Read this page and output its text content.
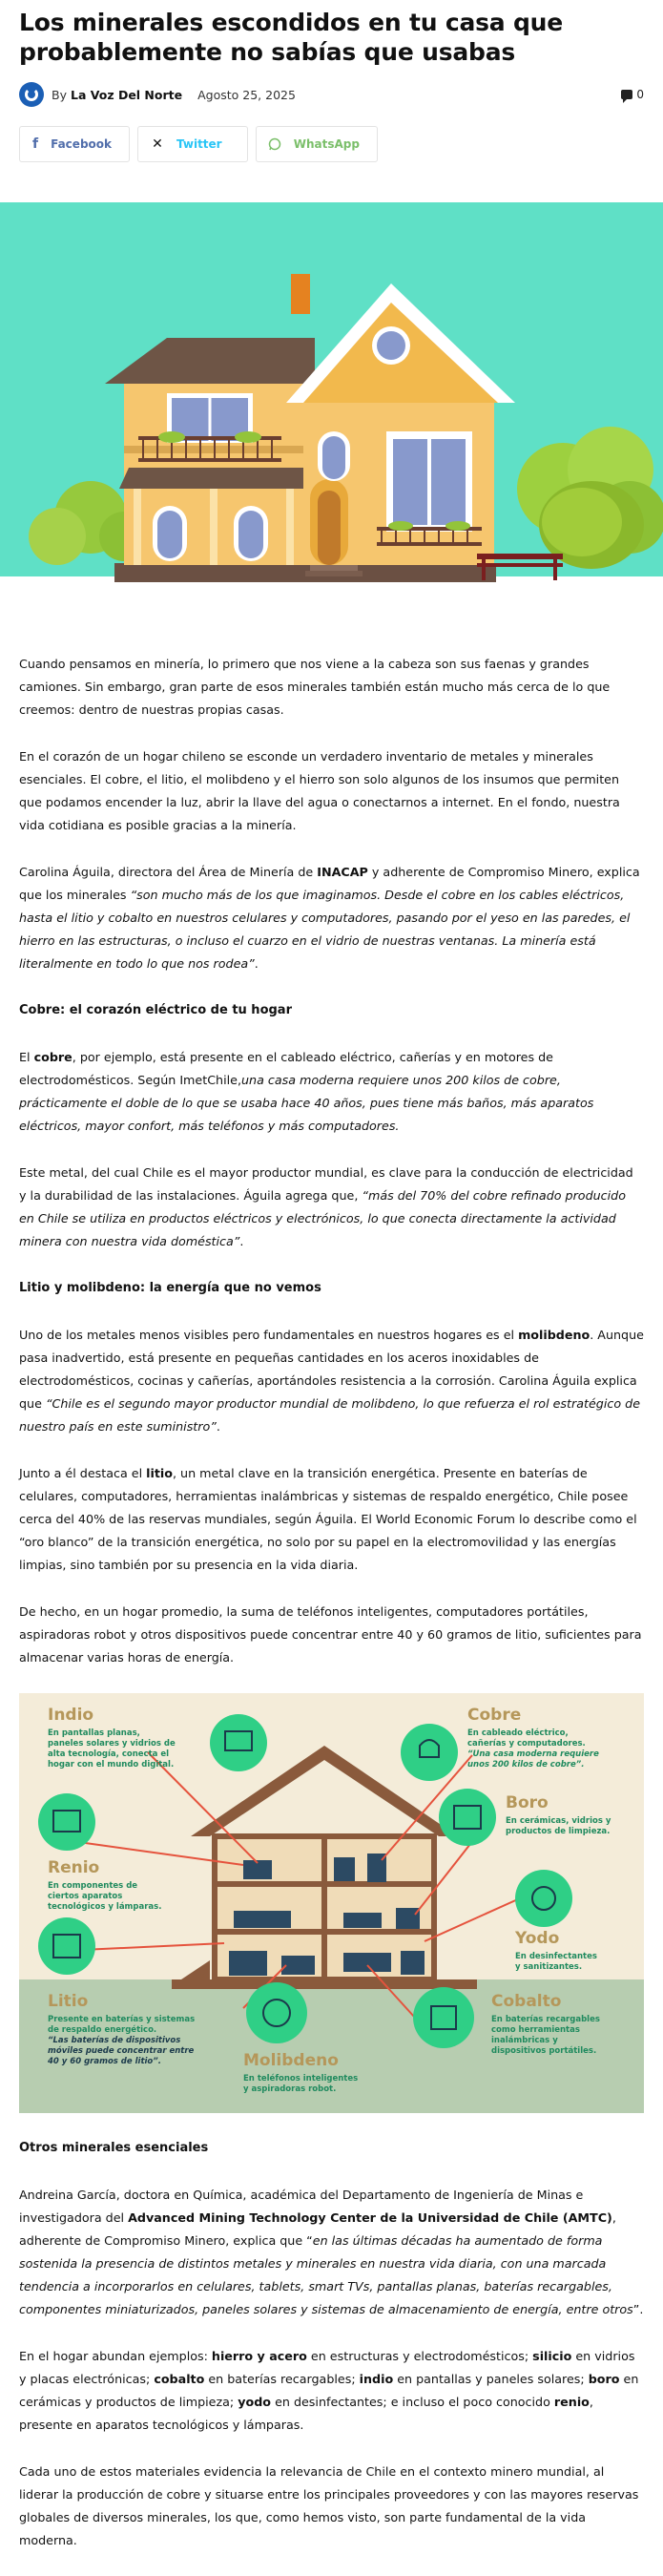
Los minerales escondidos en tu casa que probablemente no sabías que usabas
By La Voz Del Norte Agosto 25, 2025	0
f	Facebook	✕	Twitter	WhatsApp

Cuando pensamos en minería, lo primero que nos viene a la cabeza son sus faenas y grandes camiones. Sin embargo, gran parte de esos minerales también están mucho más cerca de lo que creemos: dentro de nuestras propias casas.

En el corazón de un hogar chileno se esconde un verdadero inventario de metales y minerales esenciales. El cobre, el litio, el molibdeno y el hierro son solo algunos de los insumos que permiten que podamos encender la luz, abrir la llave del agua o conectarnos a internet. En el fondo, nuestra vida cotidiana es posible gracias a la minería.

Carolina Águila, directora del Área de Minería de INACAP y adherente de Compromiso Minero, explica que los minerales “son mucho más de los que imaginamos. Desde el cobre en los cables eléctricos, hasta el litio y cobalto en nuestros celulares y computadores, pasando por el yeso en las paredes, el hierro en las estructuras, o incluso el cuarzo en el vidrio de nuestras ventanas. La minería está literalmente en todo lo que nos rodea”.

Cobre: el corazón eléctrico de tu hogar

El cobre, por ejemplo, está presente en el cableado eléctrico, cañerías y en motores de electrodomésticos. Según ImetChile,una casa moderna requiere unos 200 kilos de cobre, prácticamente el doble de lo que se usaba hace 40 años, pues tiene más baños, más aparatos eléctricos, mayor confort, más teléfonos y más computadores.

Este metal, del cual Chile es el mayor productor mundial, es clave para la conducción de electricidad y la durabilidad de las instalaciones. Águila agrega que, “más del 70% del cobre refinado producido en Chile se utiliza en productos eléctricos y electrónicos, lo que conecta directamente la actividad minera con nuestra vida doméstica”.

Litio y molibdeno: la energía que no vemos

Uno de los metales menos visibles pero fundamentales en nuestros hogares es el molibdeno. Aunque pasa inadvertido, está presente en pequeñas cantidades en los aceros inoxidables de electrodomésticos, cocinas y cañerías, aportándoles resistencia a la corrosión. Carolina Águila explica que “Chile es el segundo mayor productor mundial de molibdeno, lo que refuerza el rol estratégico de nuestro país en este suministro”.

Junto a él destaca el litio, un metal clave en la transición energética. Presente en baterías de celulares, computadores, herramientas inalámbricas y sistemas de respaldo energético, Chile posee cerca del 40% de las reservas mundiales, según Águila. El World Economic Forum lo describe como el “oro blanco” de la transición energética, no solo por su papel en la electromovilidad y las energías limpias, sino también por su presencia en la vida diaria.

De hecho, en un hogar promedio, la suma de teléfonos inteligentes, computadores portátiles, aspiradoras robot y otros dispositivos puede concentrar entre 40 y 60 gramos de litio, suficientes para almacenar varias horas de energía.

Indio
En pantallas planas,
paneles solares y vidrios de
alta tecnología, conecta el
hogar con el mundo digital.
Cobre
En cableado eléctrico,
cañerías y computadores.
“Una casa moderna requiere
unos 200 kilos de cobre”.
Boro
En cerámicas, vidrios y
productos de limpieza.
Renio
En componentes de
ciertos aparatos
tecnológicos y lámparas.
Yodo
En desinfectantes
y sanitizantes.
Litio
Presente en baterías y sistemas
de respaldo energético.
“Las baterías de dispositivos
móviles puede concentrar entre
40 y 60 gramos de litio”.	Molibdeno
En teléfonos inteligentes
y aspiradoras robot.
Cobalto
En baterías recargables
como herramientas
inalámbricas y
dispositivos portátiles.
Otros minerales esenciales

Andreina García, doctora en Química, académica del Departamento de Ingeniería de Minas e investigadora del Advanced Mining Technology Center de la Universidad de Chile (AMTC), adherente de Compromiso Minero, explica que “en las últimas décadas ha aumentado de forma sostenida la presencia de distintos metales y minerales en nuestra vida diaria, con una marcada tendencia a incorporarlos en celulares, tablets, smart TVs, pantallas planas, baterías recargables, componentes miniaturizados, paneles solares y sistemas de almacenamiento de energía, entre otros”.

En el hogar abundan ejemplos: hierro y acero en estructuras y electrodomésticos; silicio en vidrios y placas electrónicas; cobalto en baterías recargables; indio en pantallas y paneles solares; boro en cerámicas y productos de limpieza; yodo en desinfectantes; e incluso el poco conocido renio, presente en aparatos tecnológicos y lámparas.

Cada uno de estos materiales evidencia la relevancia de Chile en el contexto minero mundial, al liderar la producción de cobre y situarse entre los principales proveedores y con las mayores reservas globales de diversos minerales, los que, como hemos visto, son parte fundamental de la vida moderna.
